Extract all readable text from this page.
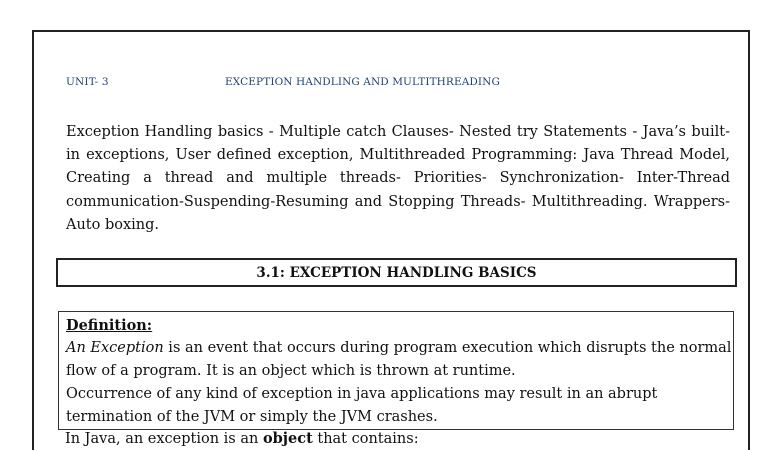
UNIT- 3	EXCEPTION HANDLING AND MULTITHREADING
Exception Handling basics - Multiple catch Clauses- Nested try Statements - Java’s built-in exceptions, User defined exception, Multithreaded Programming: Java Thread Model, Creating a thread and multiple threads- Priorities- Synchronization- Inter-Thread communication-Suspending-Resuming and Stopping Threads- Multithreading. Wrappers-Auto boxing.
3.1: EXCEPTION HANDLING BASICS
Definition:
An Exception is an event that occurs during program execution which disrupts the normal
flow of a program. It is an object which is thrown at runtime.
Occurrence of any kind of exception in java applications may result in an abrupt termination of the JVM or simply the JVM crashes.
In Java, an exception is an object that contains:
